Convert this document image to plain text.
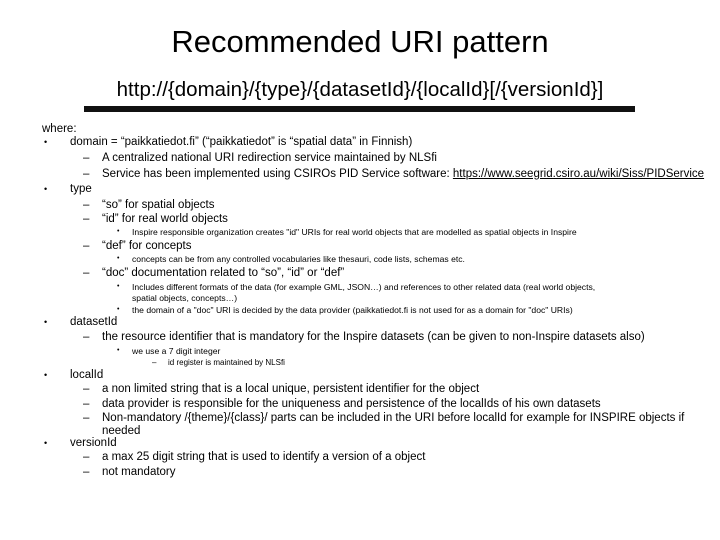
Recommended URI pattern
http://{domain}/{type}/{datasetId}/{localId}[/{versionId}]
where:
• domain = “paikkatiedot.fi” (“paikkatiedot” is “spatial data” in Finnish)
– A centralized national URI redirection service maintained by NLSfi
– Service has been implemented using CSIROs PID Service software: https://www.seegrid.csiro.au/wiki/Siss/PIDService
• type
– “so” for spatial objects
– “id” for real world objects
• Inspire responsible organization creates "id" URIs for real world objects that are modelled as spatial objects in Inspire
– “def” for concepts
• concepts can be from any controlled vocabularies like thesauri, code lists, schemas etc.
– “doc” documentation related to “so”, “id” or “def”
• Includes different formats of the data (for example GML, JSON…) and references to other related data (real world objects,
spatial objects, concepts…)
• the domain of a "doc" URI is decided by the data provider (paikkatiedot.fi is not used for as a domain for "doc" URIs)
• datasetId
– the resource identifier that is mandatory for the Inspire datasets (can be given to non-Inspire datasets also)
• we use a 7 digit integer
– id register is maintained by NLSfi
• localId
– a non limited string that is a local unique, persistent identifier for the object
– data provider is responsible for the uniqueness and persistence of the localIds of his own datasets
– Non-mandatory /{theme}/{class}/ parts can be included in the URI before localId for example for INSPIRE objects if
needed
• versionId
– a max 25 digit string that is used to identify a version of a object
– not mandatory
